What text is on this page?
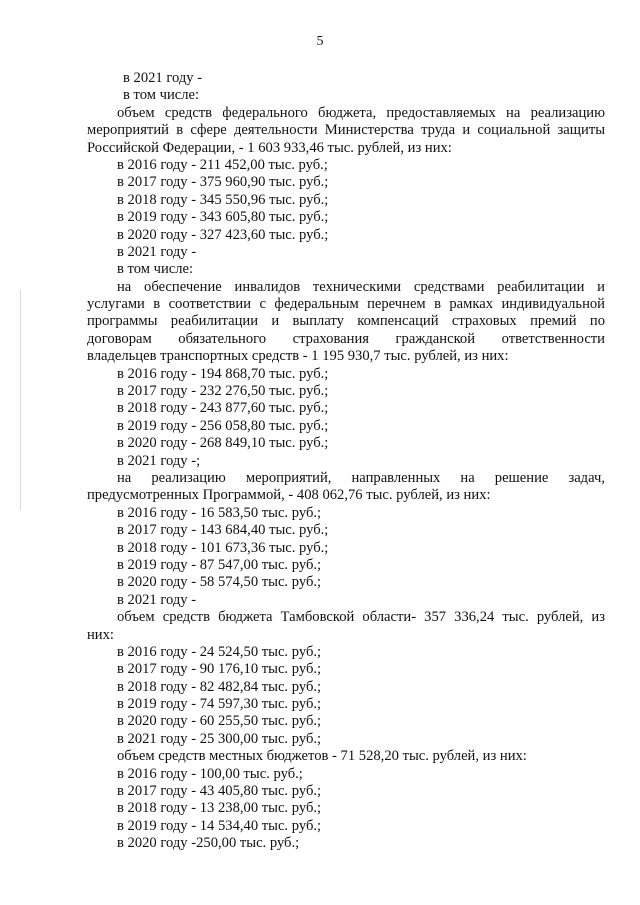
5
в 2021 году -
в том числе:
объем средств федерального бюджета, предоставляемых на реализацию
мероприятий в сфере деятельности Министерства труда и социальной защиты
Российской Федерации, - 1 603 933,46 тыс. рублей, из них:
в 2016 году - 211 452,00 тыс. руб.;
в 2017 году - 375 960,90 тыс. руб.;
в 2018 году - 345 550,96 тыс. руб.;
в 2019 году - 343 605,80 тыс. руб.;
в 2020 году - 327 423,60 тыс. руб.;
в 2021 году -
в том числе:
на обеспечение инвалидов техническими средствами реабилитации и
услугами в соответствии с федеральным перечнем в рамках индивидуальной
программы реабилитации и выплату компенсаций страховых премий по
договорам обязательного страхования гражданской ответственности
владельцев транспортных средств - 1 195 930,7 тыс. рублей, из них:
в 2016 году - 194 868,70 тыс. руб.;
в 2017 году - 232 276,50 тыс. руб.;
в 2018 году - 243 877,60 тыс. руб.;
в 2019 году - 256 058,80 тыс. руб.;
в 2020 году - 268 849,10 тыс. руб.;
в 2021 году -;
на реализацию мероприятий, направленных на решение задач,
предусмотренных Программой, - 408 062,76 тыс. рублей, из них:
в 2016 году - 16 583,50 тыс. руб.;
в 2017 году - 143 684,40 тыс. руб.;
в 2018 году - 101 673,36 тыс. руб.;
в 2019 году - 87 547,00 тыс. руб.;
в 2020 году - 58 574,50 тыс. руб.;
в 2021 году -
объем средств бюджета Тамбовской области- 357 336,24 тыс. рублей, из
них:
в 2016 году - 24 524,50 тыс. руб.;
в 2017 году - 90 176,10 тыс. руб.;
в 2018 году - 82 482,84 тыс. руб.;
в 2019 году - 74 597,30 тыс. руб.;
в 2020 году - 60 255,50 тыс. руб.;
в 2021 году - 25 300,00 тыс. руб.;
объем средств местных бюджетов - 71 528,20 тыс. рублей, из них:
в 2016 году - 100,00 тыс. руб.;
в 2017 году - 43 405,80 тыс. руб.;
в 2018 году - 13 238,00 тыс. руб.;
в 2019 году - 14 534,40 тыс. руб.;
в 2020 году -250,00 тыс. руб.;
